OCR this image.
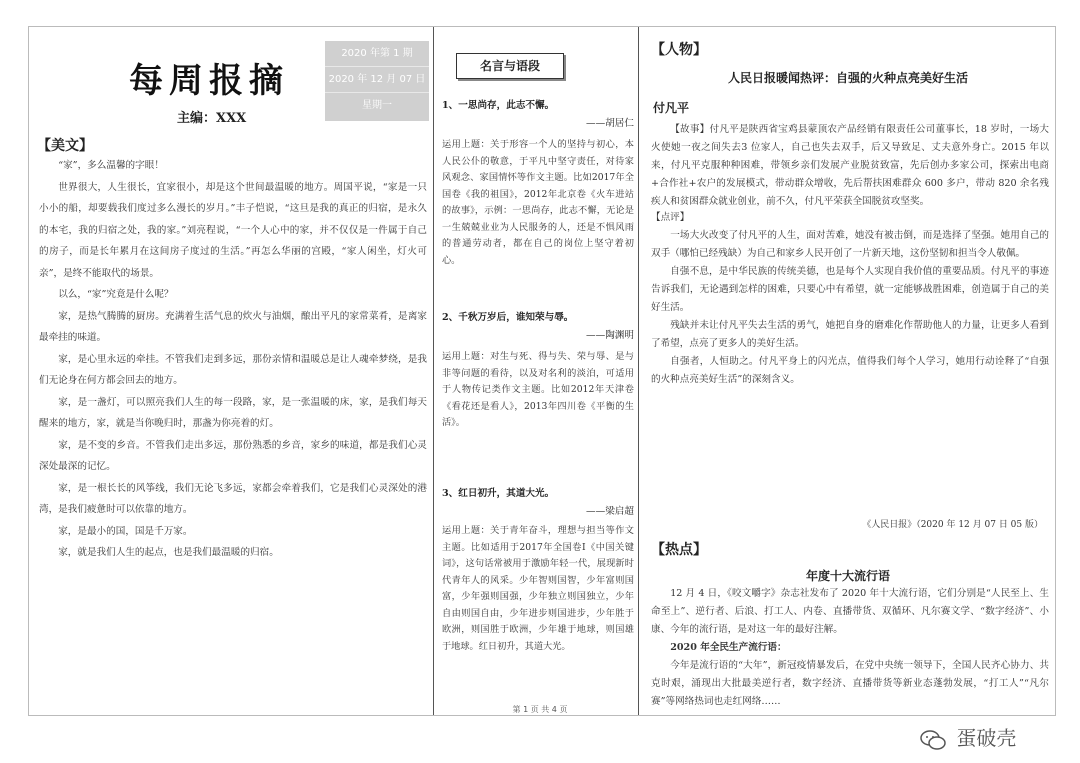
每周报摘
主编：XXX
2020 年第 1 期
2020 年 12 月 07 日
星期一
【美文】

“家”，多么温馨的字眼！

世界很大，人生很长，宜家很小，却是这个世间最温暖的地方。周国平说，“家是一只小小的船，却要载我们度过多么漫长的岁月。”丰子恺说，“这旦是我的真正的归宿，是永久的本宅，我的归宿之处，我的家。”刘亮程说，“一个人心中的家，并不仅仅是一件属于自己的房子，而是长年累月在这间房子度过的生活。”再怎么华丽的宫殿，“家人闲坐，灯火可亲”，是终不能取代的场景。

以么，“家”究竟是什么呢？

家，是热气腾腾的厨房。充满着生活气息的炊火与油烟，酿出平凡的家常菜肴，是离家最牵挂的味道。

家，是心里永远的牵挂。不管我们走到多远，那份亲情和温暖总是让人魂牵梦绕，是我们无论身在何方都会回去的地方。

家，是一盏灯，可以照亮我们人生的每一段路，家，是一张温暖的床，家，是我们每天醒来的地方，家，就是当你晚归时，那盏为你亮着的灯。

家，是不变的乡音。不管我们走出多远，那份熟悉的乡音，家乡的味道，都是我们心灵深处最深的记忆。

家，是一根长长的风筝线，我们无论飞多远，家都会牵着我们，它是我们心灵深处的港湾，是我们疲惫时可以依靠的地方。

家，是最小的国，国是千万家。

家，就是我们人生的起点，也是我们最温暖的归宿。

名言与语段
1、一思尚存，此志不懈。
——胡居仁
运用上题：关于形容一个人的坚持与初心，本人民公仆的敬意，于平凡中坚守责任，对待家风观念、家国情怀等作文主题。比如2017年全国卷《我的祖国》，2012年北京卷《火车进站的故事》，示例：一思尚存，此志不懈，无论是一生兢兢业业为人民服务的人，还是不惧风雨的普通劳动者，都在自己的岗位上坚守着初心。
2、千秋万岁后，谁知荣与辱。
——陶渊明
运用上题：对生与死、得与失、荣与辱、是与非等问题的看待，以及对名利的淡泊，可适用于人物传记类作文主题。比如2012年天津卷《看花还是看人》，2013年四川卷《平衡的生活》。
3、红日初升，其道大光。
——梁启超
运用上题：关于青年奋斗，理想与担当等作文主题。比如适用于2017年全国卷Ⅰ《中国关键词》，这句话常被用于激励年轻一代，展现新时代青年人的风采。少年智则国智，少年富则国富，少年强则国强，少年独立则国独立，少年自由则国自由，少年进步则国进步，少年胜于欧洲，则国胜于欧洲，少年雄于地球，则国雄于地球。红日初升，其道大光。
【人物】
人民日报暖闻热评：自强的火种点亮美好生活
付凡平

【故事】付凡平是陕西省宝鸡县蒙顶农产品经销有限责任公司董事长，18 岁时，一场大火使她一夜之间失去3 位家人，自己也失去双手，后又导致足、丈夫意外身亡。2015 年以来，付凡平克服种种困难，带领乡亲们发展产业脱贫致富，先后创办多家公司，探索出电商+合作社+农户的发展模式，带动群众增收，先后帮扶困难群众 600 多户，带动 820 余名残疾人和贫困群众就业创业，前不久，付凡平荣获全国脱贫攻坚奖。

【点评】

一场大火改变了付凡平的人生，面对苦难，她没有被击倒，而是选择了坚强。她用自己的双手（哪怕已经残缺）为自己和家乡人民开创了一片新天地，这份坚韧和担当令人敬佩。

自强不息，是中华民族的传统美德，也是每个人实现自我价值的重要品质。付凡平的事迹告诉我们，无论遇到怎样的困难，只要心中有希望，就一定能够战胜困难，创造属于自己的美好生活。

残缺并未让付凡平失去生活的勇气，她把自身的磨难化作帮助他人的力量，让更多人看到了希望，点亮了更多人的美好生活。

自强者，人恒助之。付凡平身上的闪光点，值得我们每个人学习，她用行动诠释了“自强的火种点亮美好生活”的深刻含义。

《人民日报》（2020 年 12 月 07 日 05 版）
【热点】
年度十大流行语

12 月 4 日，《咬文嚼字》杂志社发布了 2020 年十大流行语，它们分别是“人民至上、生命至上”、逆行者、后浪、打工人、内卷、直播带货、双循环、凡尔赛文学、“数字经济”、小康、今年的流行语，是对这一年的最好注解。

2020 年全民生产流行语：

今年是流行语的“大年”，新冠疫情暴发后，在党中央统一领导下，全国人民齐心协力、共克时艰，涌现出大批最美逆行者，数字经济、直播带货等新业态蓬勃发展，“打工人”“凡尔赛”等网络热词也走红网络……

第 1 页 共 4 页
蛋破壳
